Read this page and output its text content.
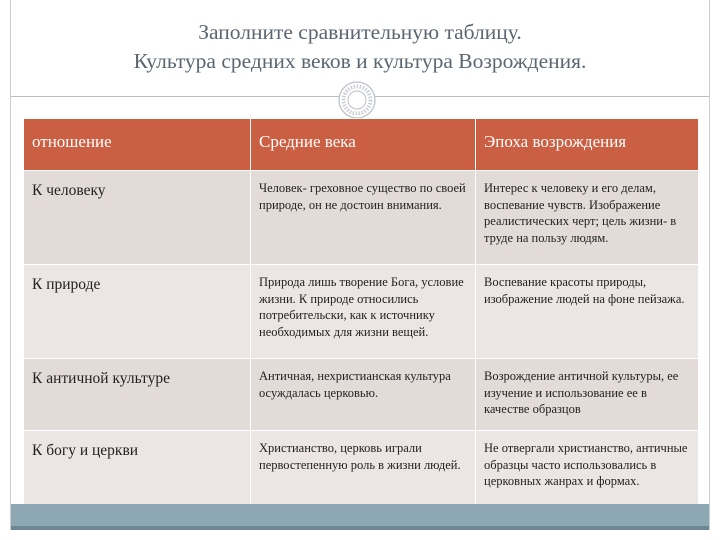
Заполните сравнительную таблицу.
Культура средних веков и культура Возрождения.
отношение	Средние века	Эпоха возрождения
К человеку	Человек- греховное существо по своей природе, он не достоин внимания.	Интерес к человеку и его делам, воспевание чувств. Изображение реалистических черт; цель жизни- в труде на пользу людям.
К природе	Природа лишь творение Бога, условие жизни. К природе относились потребительски, как к источнику необходимых для жизни вещей.	Воспевание красоты природы, изображение людей на фоне пейзажа.
К античной культуре	Античная, нехристианская культура осуждалась церковью.	Возрождение античной культуры, ее изучение и использование ее в качестве образцов
К богу и церкви	Христианство, церковь играли первостепенную роль в жизни людей.	Не отвергали христианство, античные образцы часто использовались в церковных жанрах и формах.
